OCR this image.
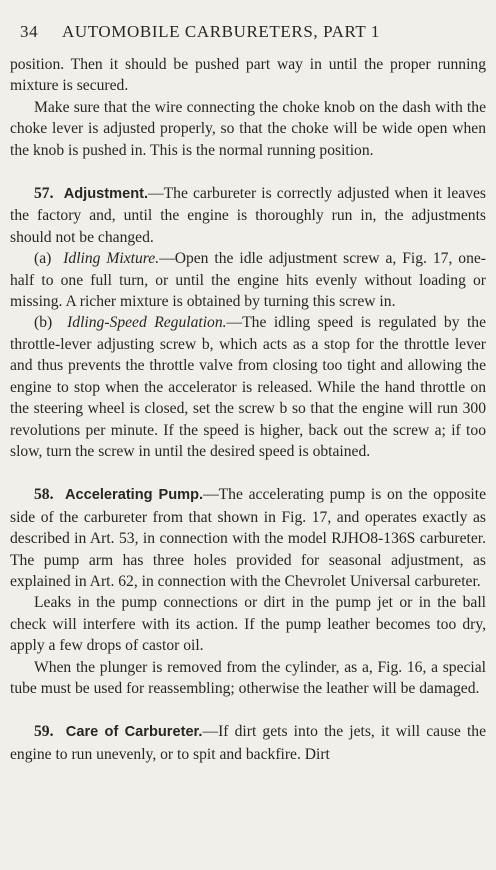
34 AUTOMOBILE CARBURETERS, PART 1

position. Then it should be pushed part way in until the proper running mixture is secured.

Make sure that the wire connecting the choke knob on the dash with the choke lever is adjusted properly, so that the choke will be wide open when the knob is pushed in. This is the normal running position.

57. Adjustment.—The carbureter is correctly adjusted when it leaves the factory and, until the engine is thoroughly run in, the adjustments should not be changed.

(a) Idling Mixture.—Open the idle adjustment screw a, Fig. 17, one-half to one full turn, or until the engine hits evenly without loading or missing. A richer mixture is obtained by turning this screw in.

(b) Idling-Speed Regulation.—The idling speed is regulated by the throttle-lever adjusting screw b, which acts as a stop for the throttle lever and thus prevents the throttle valve from closing too tight and allowing the engine to stop when the accelerator is released. While the hand throttle on the steering wheel is closed, set the screw b so that the engine will run 300 revolutions per minute. If the speed is higher, back out the screw a; if too slow, turn the screw in until the desired speed is obtained.

58. Accelerating Pump.—The accelerating pump is on the opposite side of the carbureter from that shown in Fig. 17, and operates exactly as described in Art. 53, in connection with the model RJHO8-136S carbureter. The pump arm has three holes provided for seasonal adjustment, as explained in Art. 62, in connection with the Chevrolet Universal carbureter.

Leaks in the pump connections or dirt in the pump jet or in the ball check will interfere with its action. If the pump leather becomes too dry, apply a few drops of castor oil.

When the plunger is removed from the cylinder, as a, Fig. 16, a special tube must be used for reassembling; otherwise the leather will be damaged.

59. Care of Carbureter.—If dirt gets into the jets, it will cause the engine to run unevenly, or to spit and backfire. Dirt
